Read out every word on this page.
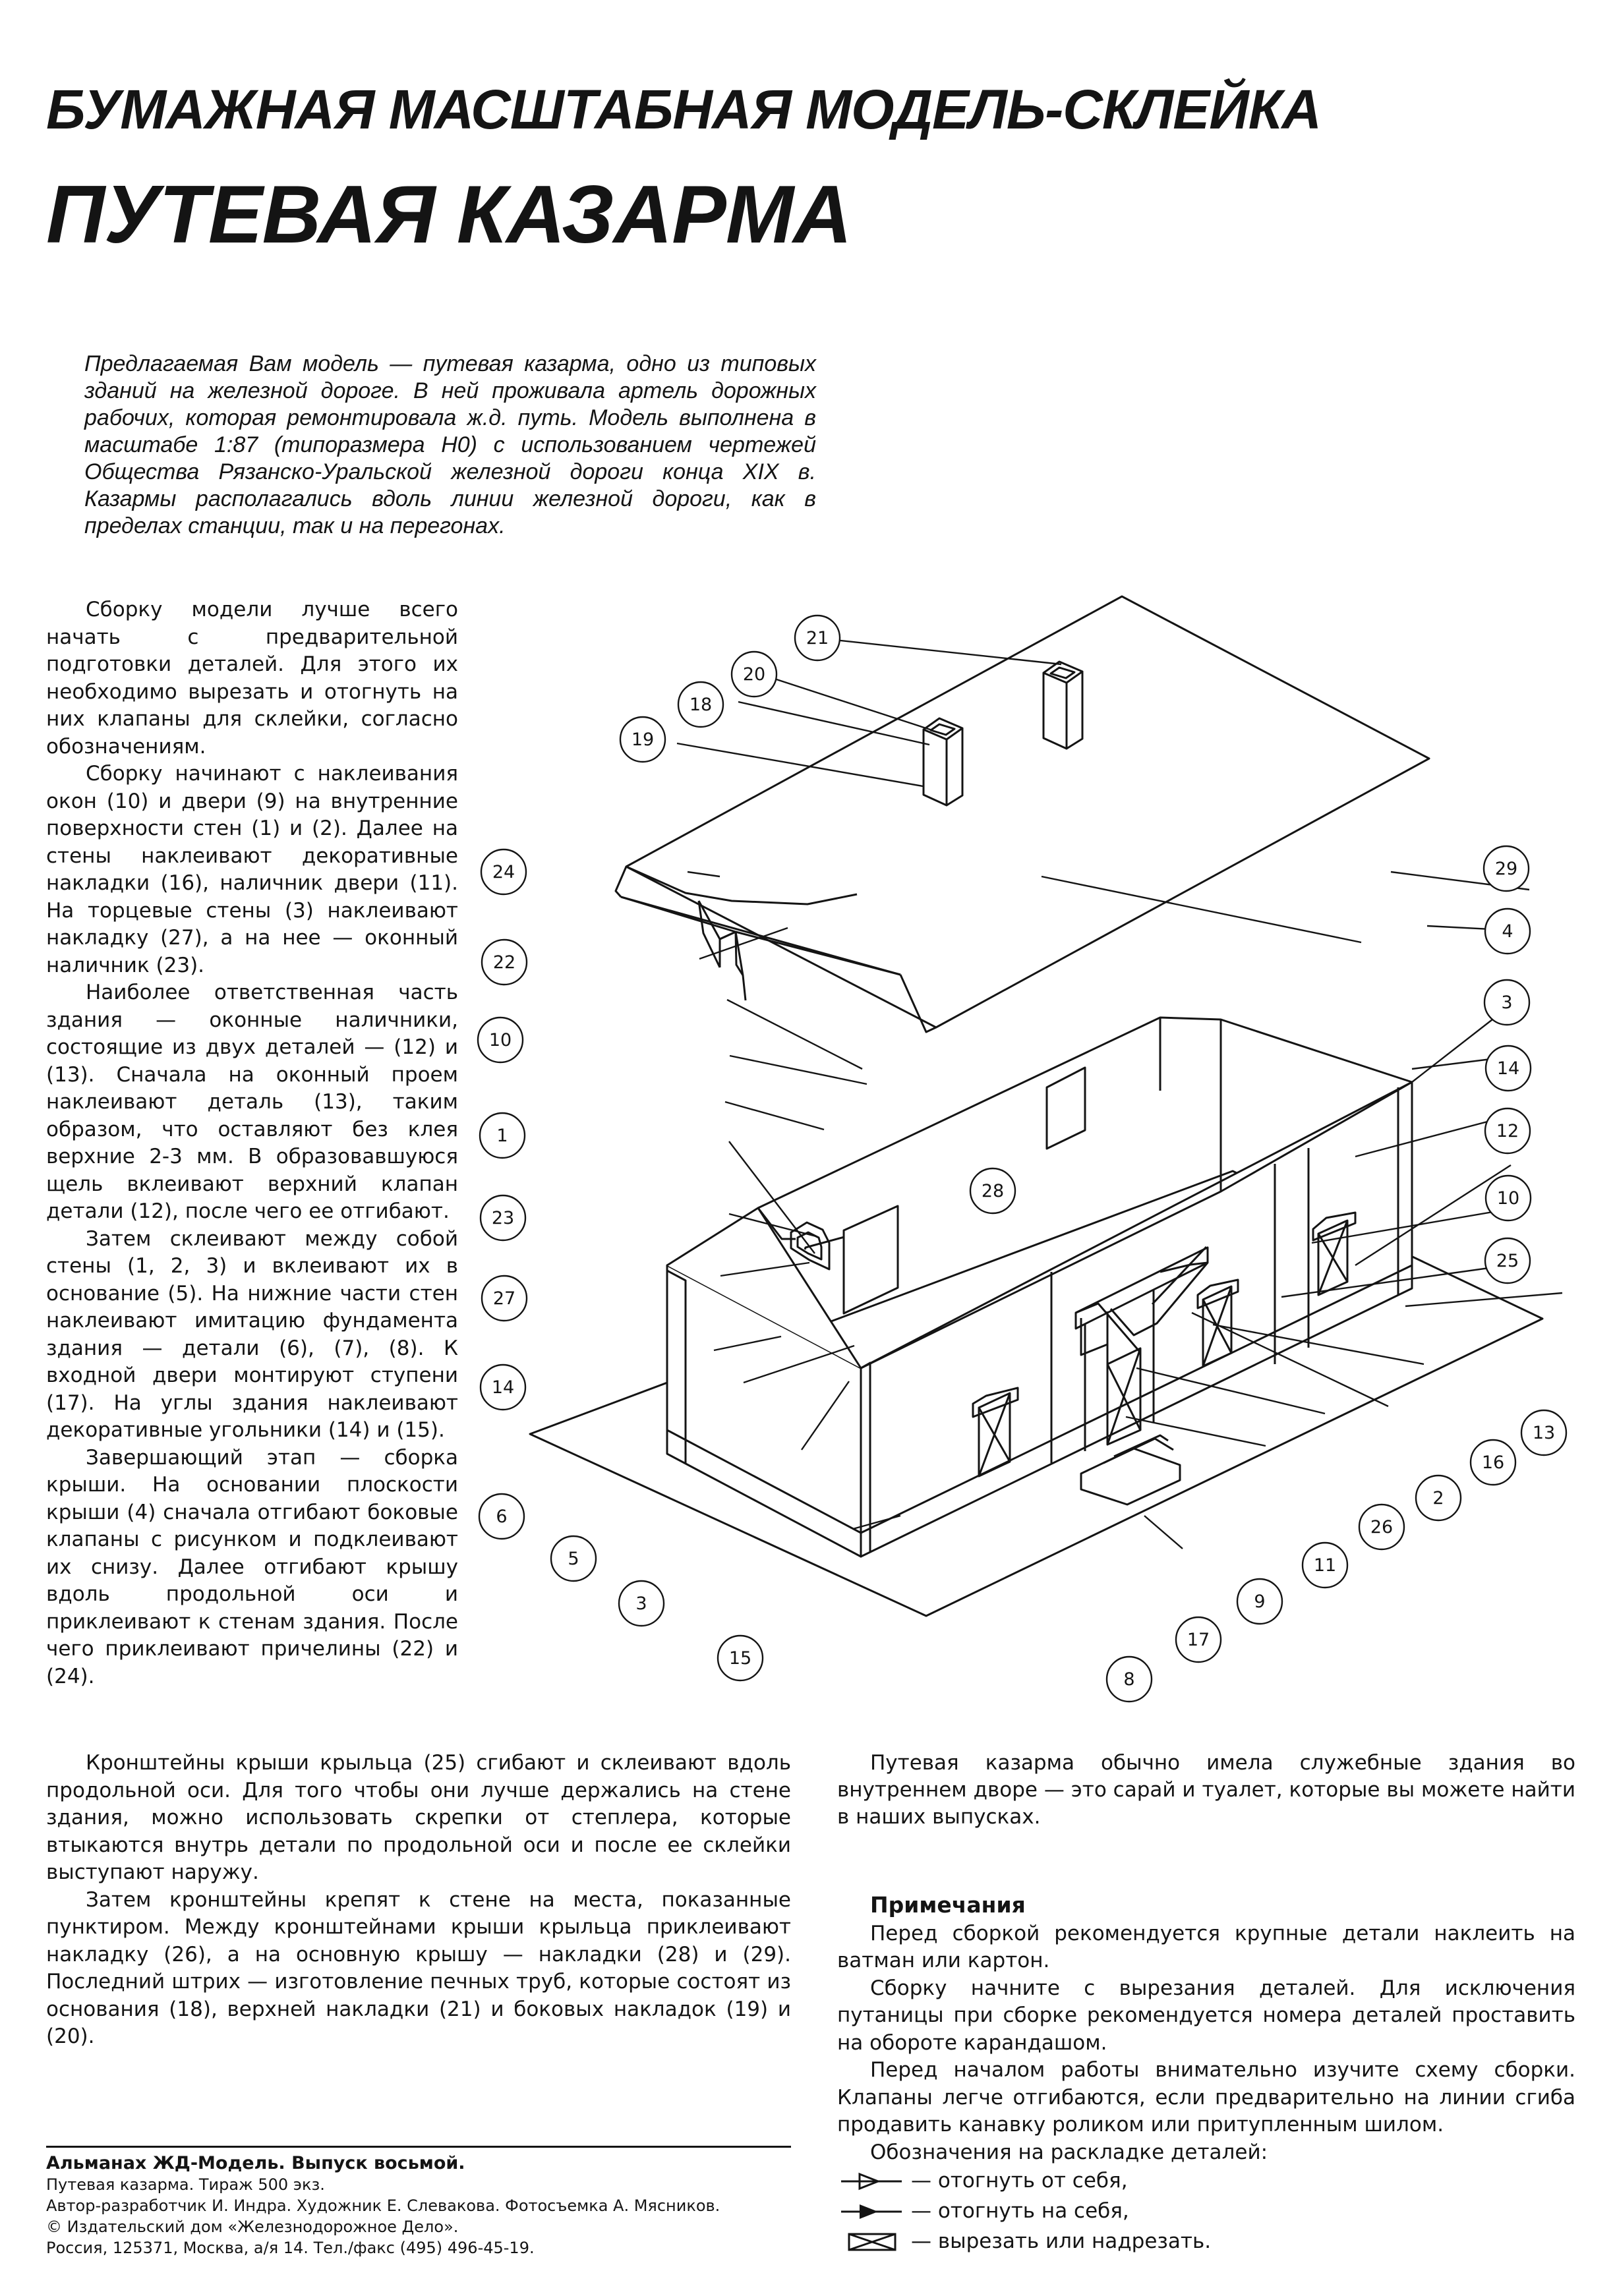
БУМАЖНАЯ МАСШТАБНАЯ МОДЕЛЬ-СКЛЕЙКА
ПУТЕВАЯ КАЗАРМА

Предлагаемая Вам модель — путевая казарма, одно из типовых зданий на железной дороге. В ней проживала артель дорожных рабочих, которая ремонтировала ж.д. путь. Модель выполнена в масштабе 1:87 (типоразмера Н0) с использованием чертежей Общества Рязанско-Уральской железной дороги конца XIX в. Казармы располагались вдоль линии железной дороги, как в пределах станции, так и на перегонах.

Сборку модели лучше всего начать с предварительной подготовки деталей. Для этого их необходимо вырезать и отогнуть на них клапаны для склейки, согласно обозначениям.

Сборку начинают с наклеивания окон (10) и двери (9) на внутренние поверхности стен (1) и (2). Далее на стены наклеивают декоративные накладки (16), наличник двери (11). На торцевые стены (3) наклеивают накладку (27), а на нее — оконный наличник (23).

Наиболее ответственная часть здания — оконные наличники, состоящие из двух деталей — (12) и (13). Сначала на оконный проем наклеивают деталь (13), таким образом, что оставляют без клея верхние 2-3 мм. В образовавшуюся щель вклеивают верхний клапан детали (12), после чего ее отгибают.

Затем склеивают между собой стены (1, 2, 3) и вклеивают их в основание (5). На нижние части стен наклеивают имитацию фундамента здания — детали (6), (7), (8). К входной двери монтируют ступени (17). На углы здания наклеивают декоративные угольники (14) и (15).

Завершающий этап — сборка крыши. На основании плоскости крыши (4) сначала отгибают боковые клапаны с рисунком и подклеивают их снизу. Далее отгибают крышу вдоль продольной оси и приклеивают к стенам здания. После чего приклеивают причелины (22) и (24).

Кронштейны крыши крыльца (25) сгибают и склеивают вдоль продольной оси. Для того чтобы они лучше держались на стене здания, можно использовать скрепки от степлера, которые втыкаются внутрь детали по продольной оси и после ее склейки выступают наружу.

Затем кронштейны крепят к стене на места, показанные пунктиром. Между кронштейнами крыши крыльца приклеивают накладку (26), а на основную крышу — накладки (28) и (29). Последний штрих — изготовление печных труб, которые состоят из основания (18), верхней накладки (21) и боковых накладок (19) и (20).

Путевая казарма обычно имела служебные здания во внутреннем дворе — это сарай и туалет, которые вы можете найти в наших выпусках.

Примечания

Перед сборкой рекомендуется крупные детали наклеить на ватман или картон.

Сборку начните с вырезания деталей. Для исключения путаницы при сборке рекомендуется номера деталей проставить на обороте карандашом.

Перед началом работы внимательно изучите схему сборки. Клапаны легче отгибаются, если предварительно на линии сгиба продавить канавку роликом или притупленным шилом.

Обозначения на раскладке деталей:

— отогнуть от себя,
— отогнуть на себя,
— вырезать или надрезать.
Альманах ЖД-Модель. Выпуск восьмой.
Путевая казарма. Тираж 500 экз.
Автор-разработчик И. Индра. Художник Е. Слевакова. Фотосъемка А. Мясников.
© Издательский дом «Железнодорожное Дело».
Россия, 125371, Москва, а/я 14. Тел./факс (495) 496-45-19.
21
20
18
19
24
22
29
4
3
10
14
1	12
28
23
10
25
27
14
13
16
6
2
5
26
11
3	9
17
15
8
